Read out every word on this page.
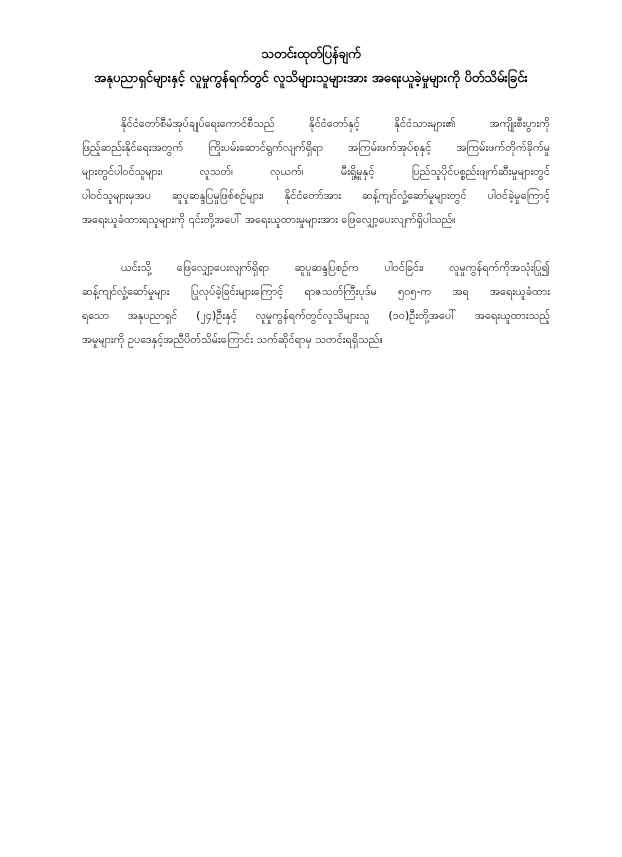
သတင်းထုတ်ပြန်ချက်
အနုပညာရှင်များနှင့် လူမှုကွန်ရက်တွင် လူသိများသူများအား အရေးယူခဲ့မှုများကို ပိတ်သိမ်းခြင်း
နိုင်ငံတော်စီမံအုပ်ချုပ်ရေးကောင်စီသည် နိုင်ငံတော်နှင့် နိုင်ငံသားများ၏ အကျိုးစီးပွားကို
ဖြည့်ဆည်းနိုင်ရေးအတွက် ကြိုးပမ်းဆောင်ရွက်လျက်ရှိရာ အကြမ်းဖက်အုပ်စုနှင့် အကြမ်းဖက်တိုက်ခိုက်မှု
များတွင်ပါဝင်သူများ၊ လူသတ်၊ လုယက်၊ မီးရှို့မှုနှင့် ပြည်သူပိုင်ပစ္စည်းဖျက်ဆီးမှုများတွင်
ပါဝင်သူများမှအပ ဆူပူဆန္ဒပြမှုဖြစ်စဉ်များ၊ နိုင်ငံတော်အား ဆန့်ကျင်လှုံ့ဆော်မှုများတွင် ပါဝင်ခဲ့မှုကြောင့်
အရေးယူခံထားရသူများကို ၎င်းတို့အပေါ် အရေးယူထားမှုများအား ဖြေလျှော့ပေးလျက်ရှိပါသည်။
ယင်းသို့ ဖြေလျှော့ပေးလျက်ရှိရာ ဆူပူဆန္ဒပြစဉ်က ပါဝင်ခြင်း၊ လူမှုကွန်ရက်ကိုအသုံးပြု၍
ဆန့်ကျင်လှုံ့ဆော်မှုများ ပြုလုပ်ခဲ့ခြင်းများကြောင့် ရာဇသတ်ကြီးပုဒ်မ ၅၀၅-က အရ အရေးယူခံထား
ရသော အနုပညာရှင် (၂၄)ဦးနှင့် လူမှုကွန်ရက်တွင်လူသိများသူ (၁၀)ဦးတို့အပေါ် အရေးယူထားသည့်
အမှုများကို ဥပဒေနှင့်အညီပိတ်သိမ်းကြောင်း သက်ဆိုင်ရာမှ သတင်းရရှိသည်။
